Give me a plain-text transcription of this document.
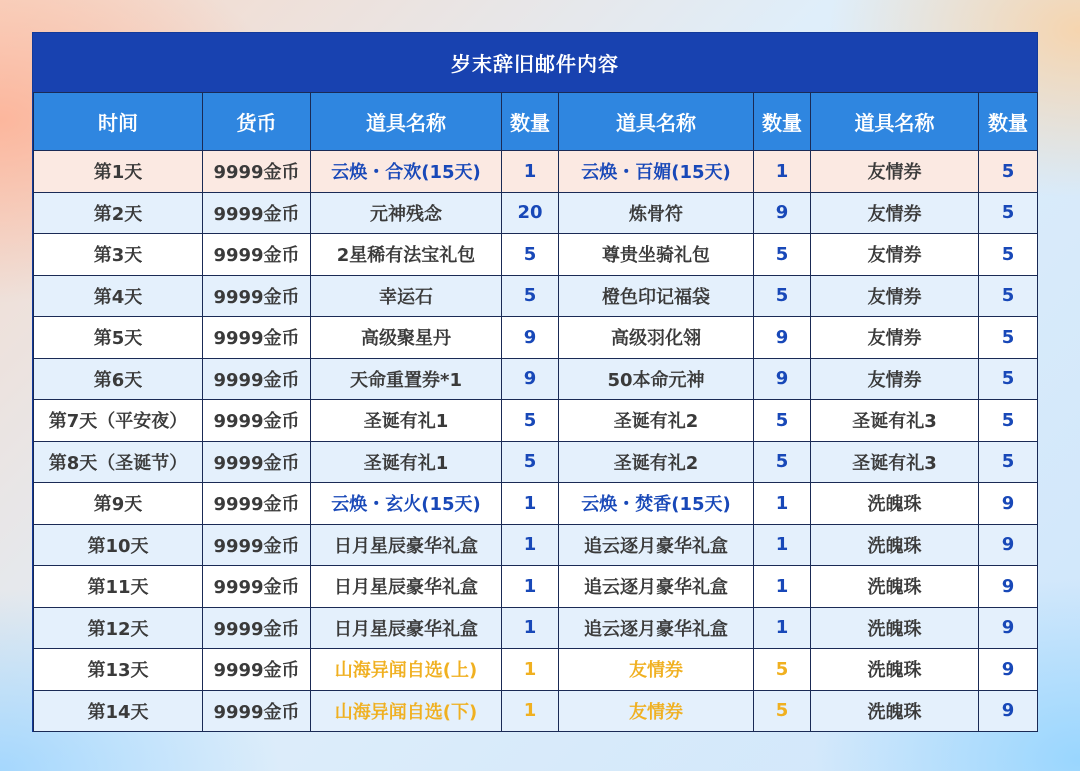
岁末辞旧邮件内容
时间	货币	道具名称	数量	道具名称	数量	道具名称	数量
第1天	9999金币	云焕・合欢(15天)	1	云焕・百媚(15天)	1	友情券	5
第2天	9999金币	元神残念	20	炼骨符	9	友情券	5
第3天	9999金币	2星稀有法宝礼包	5	尊贵坐骑礼包	5	友情券	5
第4天	9999金币	幸运石	5	橙色印记福袋	5	友情券	5
第5天	9999金币	高级聚星丹	9	高级羽化翎	9	友情券	5
第6天	9999金币	天命重置券*1	9	50本命元神	9	友情券	5
第7天（平安夜）	9999金币	圣诞有礼1	5	圣诞有礼2	5	圣诞有礼3	5
第8天（圣诞节）	9999金币	圣诞有礼1	5	圣诞有礼2	5	圣诞有礼3	5
第9天	9999金币	云焕・玄火(15天)	1	云焕・焚香(15天)	1	洗魄珠	9
第10天	9999金币	日月星辰豪华礼盒	1	追云逐月豪华礼盒	1	洗魄珠	9
第11天	9999金币	日月星辰豪华礼盒	1	追云逐月豪华礼盒	1	洗魄珠	9
第12天	9999金币	日月星辰豪华礼盒	1	追云逐月豪华礼盒	1	洗魄珠	9
第13天	9999金币	山海异闻自选(上)	1	友情券	5	洗魄珠	9
第14天	9999金币	山海异闻自选(下)	1	友情券	5	洗魄珠	9
